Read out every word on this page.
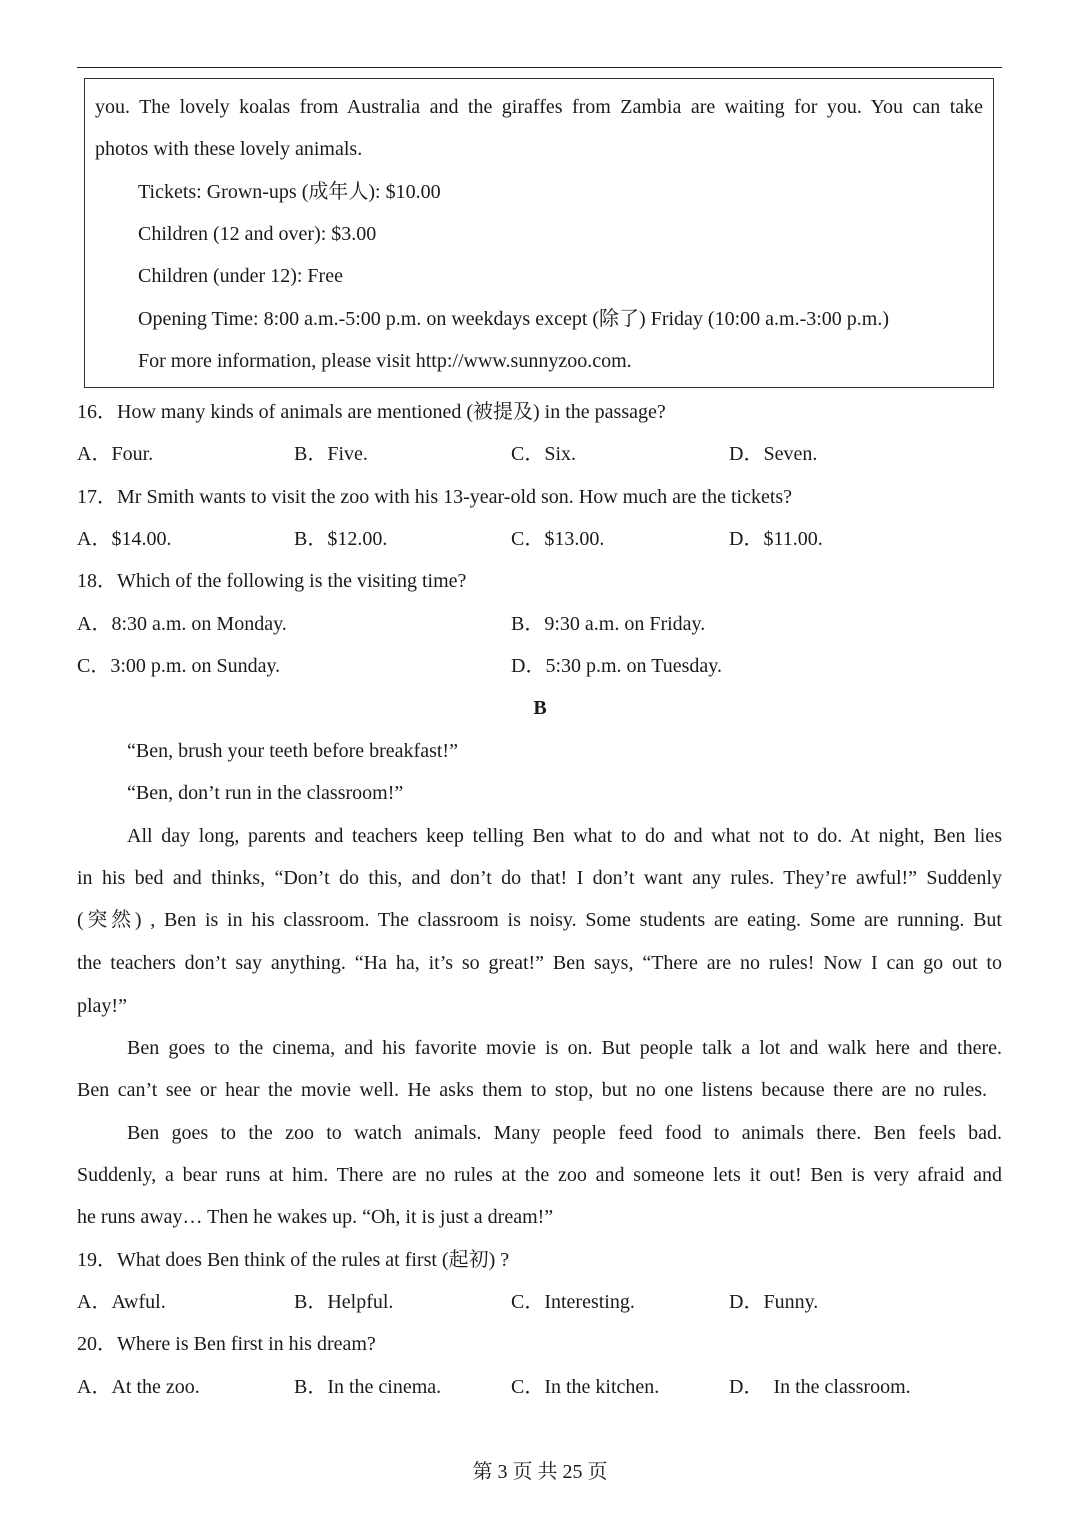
you. The lovely koalas from Australia and the giraffes from Zambia are waiting for you. You can take
photos with these lovely animals.
Tickets: Grown-ups (成年人): $10.00
Children (12 and over): $3.00
Children (under 12): Free
Opening Time: 8:00 a.m.-5:00 p.m. on weekdays except (除了) Friday (10:00 a.m.-3:00 p.m.)
For more information, please visit http://www.sunnyzoo.com.
16．How many kinds of animals are mentioned (被提及) in the passage?
A．Four.	B．Five.	C．Six.	D．Seven.
17．Mr Smith wants to visit the zoo with his 13-year-old son. How much are the tickets?
A．$14.00.	B．$12.00.	C．$13.00.	D．$11.00.
18．Which of the following is the visiting time?
A．8:30 a.m. on Monday.	B．9:30 a.m. on Friday.
C．3:00 p.m. on Sunday.	D．5:30 p.m. on Tuesday.
B
“Ben, brush your teeth before breakfast!”
“Ben, don’t run in the classroom!”
All day long, parents and teachers keep telling Ben what to do and what not to do. At night, Ben lies
in his bed and thinks, “Don’t do this, and don’t do that! I don’t want any rules. They’re awful!” Suddenly
(突然) , Ben is in his classroom. The classroom is noisy. Some students are eating. Some are running. But
the teachers don’t say anything. “Ha ha, it’s so great!” Ben says, “There are no rules! Now I can go out to
play!”
Ben goes to the cinema, and his favorite movie is on. But people talk a lot and walk here and there.
Ben can’t see or hear the movie well. He asks them to stop, but no one listens because there are no rules.
Ben goes to the zoo to watch animals. Many people feed food to animals there. Ben feels bad.
Suddenly, a bear runs at him. There are no rules at the zoo and someone lets it out! Ben is very afraid and
he runs away… Then he wakes up. “Oh, it is just a dream!”
19．What does Ben think of the rules at first (起初) ?
A．Awful.	B．Helpful.	C．Interesting.	D．Funny.
20．Where is Ben first in his dream?
A．At the zoo.	B．In the cinema.	C．In the kitchen.	D．　In the classroom.
第 3 页 共 25 页
